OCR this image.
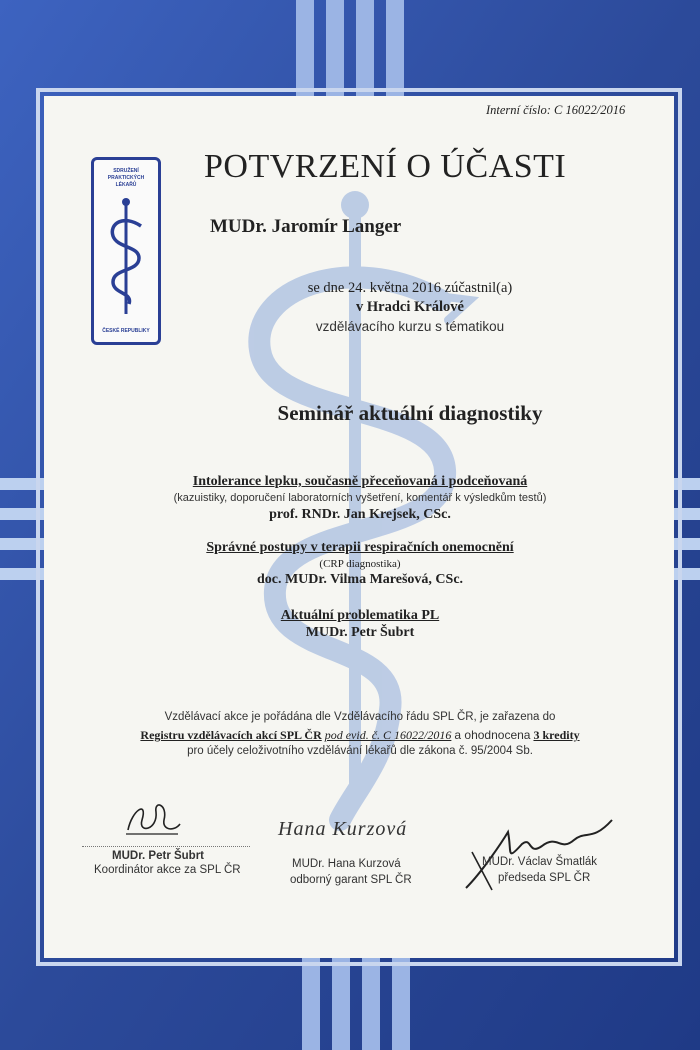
Interní číslo: C 16022/2016

SDRUŽENÍ PRAKTICKÝCH LÉKAŘŮ
ČESKÉ REPUBLIKY
POTVRZENÍ O ÚČASTI

MUDr. Jaromír Langer

se dne 24. května 2016 zúčastnil(a)

v Hradci Králové

vzdělávacího kurzu s tématikou

Seminář aktuální diagnostiky

Intolerance lepku, současně přeceňovaná i podceňovaná

(kazuistiky, doporučení laboratorních vyšetření, komentář k výsledkům testů)

prof. RNDr. Jan Krejsek, CSc.

Správné postupy v terapii respiračních onemocnění

(CRP diagnostika)

doc. MUDr. Vilma Marešová, CSc.

Aktuální problematika PL

MUDr. Petr Šubrt

Vzdělávací akce je pořádána dle Vzdělávacího řádu SPL ČR, je zařazena do

Registru vzdělávacích akcí SPL ČR pod evid. č. C 16022/2016 a ohodnocena 3 kredity

pro účely celoživotního vzdělávání lékařů dle zákona č. 95/2004 Sb.

MUDr. Petr Šubrt

Koordinátor akce za SPL ČR

Hana Kurzová

MUDr. Hana Kurzová

odborný garant SPL ČR

MUDr. Václav Šmatlák

předseda SPL ČR
